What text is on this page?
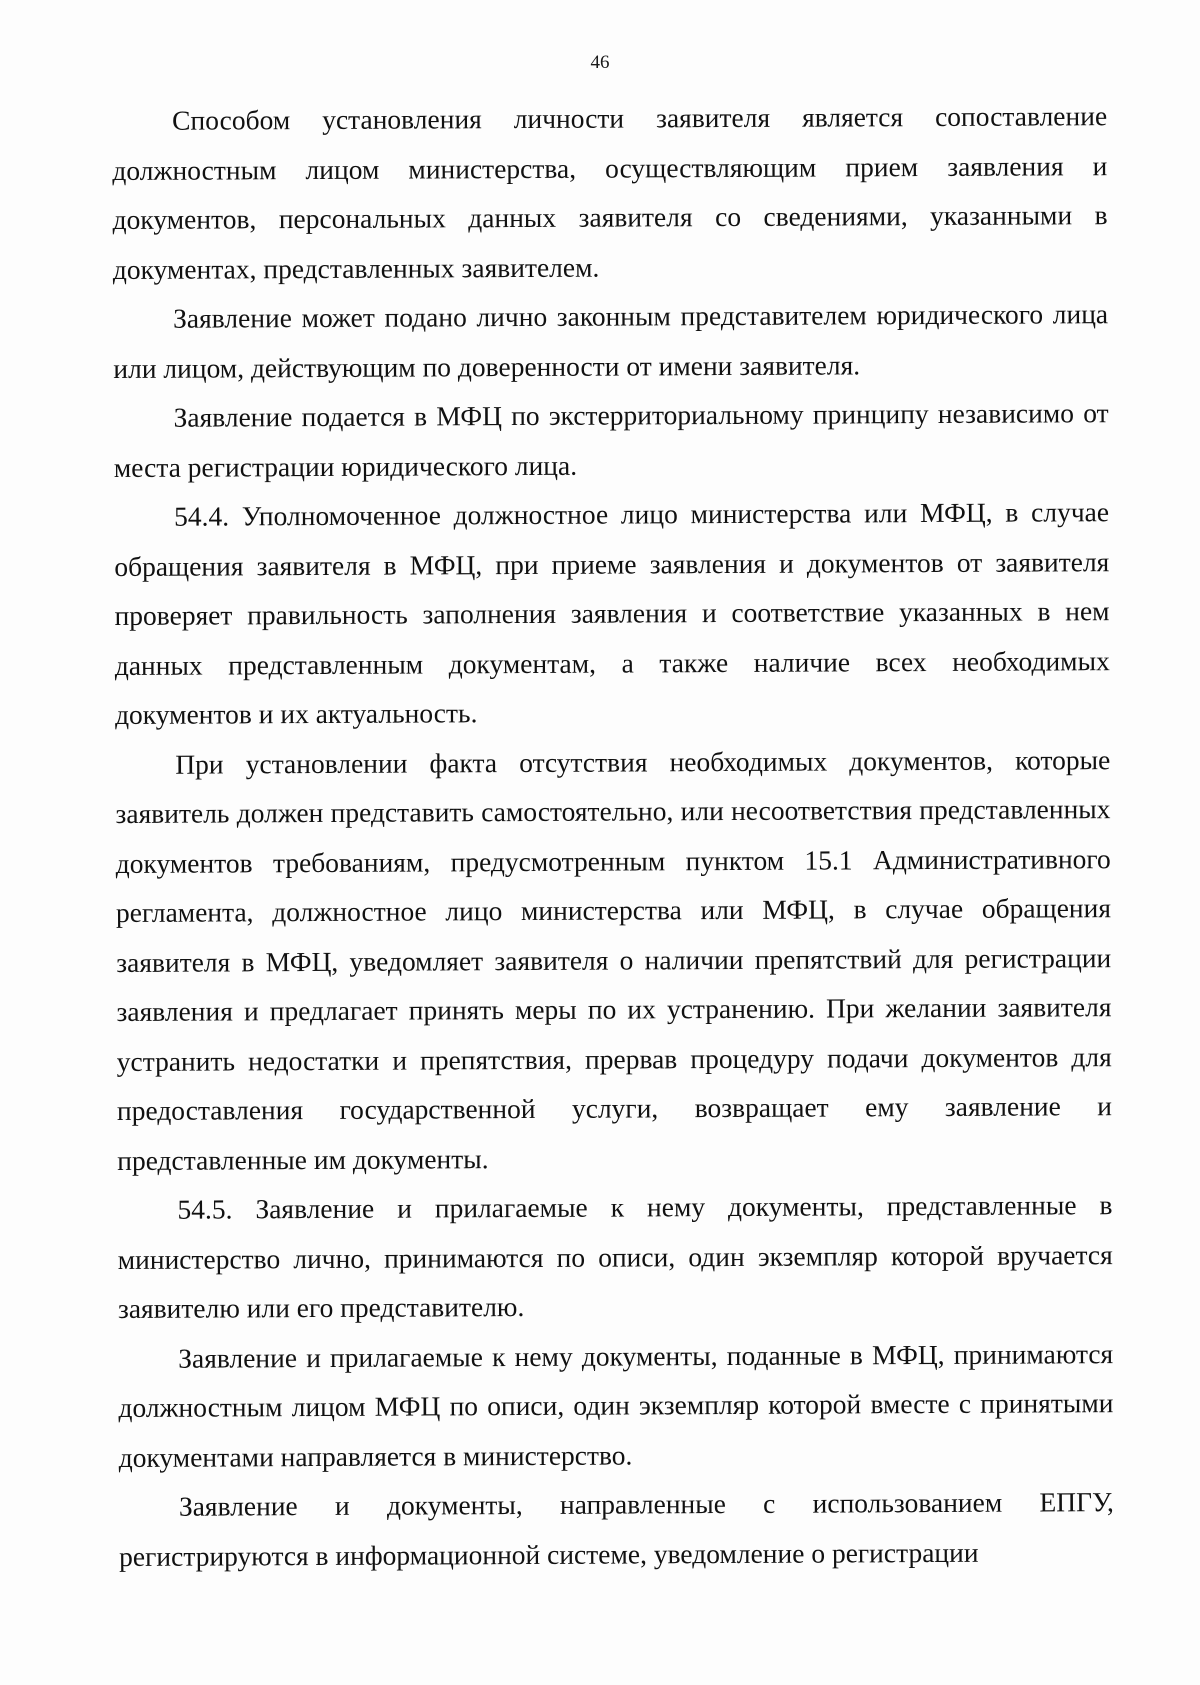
46

Способом установления личности заявителя является сопоставление должностным лицом министерства, осуществляющим прием заявления и документов, персональных данных заявителя со сведениями, указанными в документах, представленных заявителем.

Заявление может подано лично законным представителем юридического лица или лицом, действующим по доверенности от имени заявителя.

Заявление подается в МФЦ по экстерриториальному принципу независимо от места регистрации юридического лица.

54.4. Уполномоченное должностное лицо министерства или МФЦ, в случае обращения заявителя в МФЦ, при приеме заявления и документов от заявителя проверяет правильность заполнения заявления и соответствие указанных в нем данных представленным документам, а также наличие всех необходимых документов и их актуальность.

При установлении факта отсутствия необходимых документов, которые заявитель должен представить самостоятельно, или несоответствия представленных документов требованиям, предусмотренным пунктом 15.1 Административного регламента, должностное лицо министерства или МФЦ, в случае обращения заявителя в МФЦ, уведомляет заявителя о наличии препятствий для регистрации заявления и предлагает принять меры по их устранению. При желании заявителя устранить недостатки и препятствия, прервав процедуру подачи документов для предоставления государственной услуги, возвращает ему заявление и представленные им документы.

54.5. Заявление и прилагаемые к нему документы, представленные в министерство лично, принимаются по описи, один экземпляр которой вручается заявителю или его представителю.

Заявление и прилагаемые к нему документы, поданные в МФЦ, принимаются должностным лицом МФЦ по описи, один экземпляр которой вместе с принятыми документами направляется в министерство.

Заявление и документы, направленные с использованием ЕПГУ, регистрируются в информационной системе, уведомление о регистрации
